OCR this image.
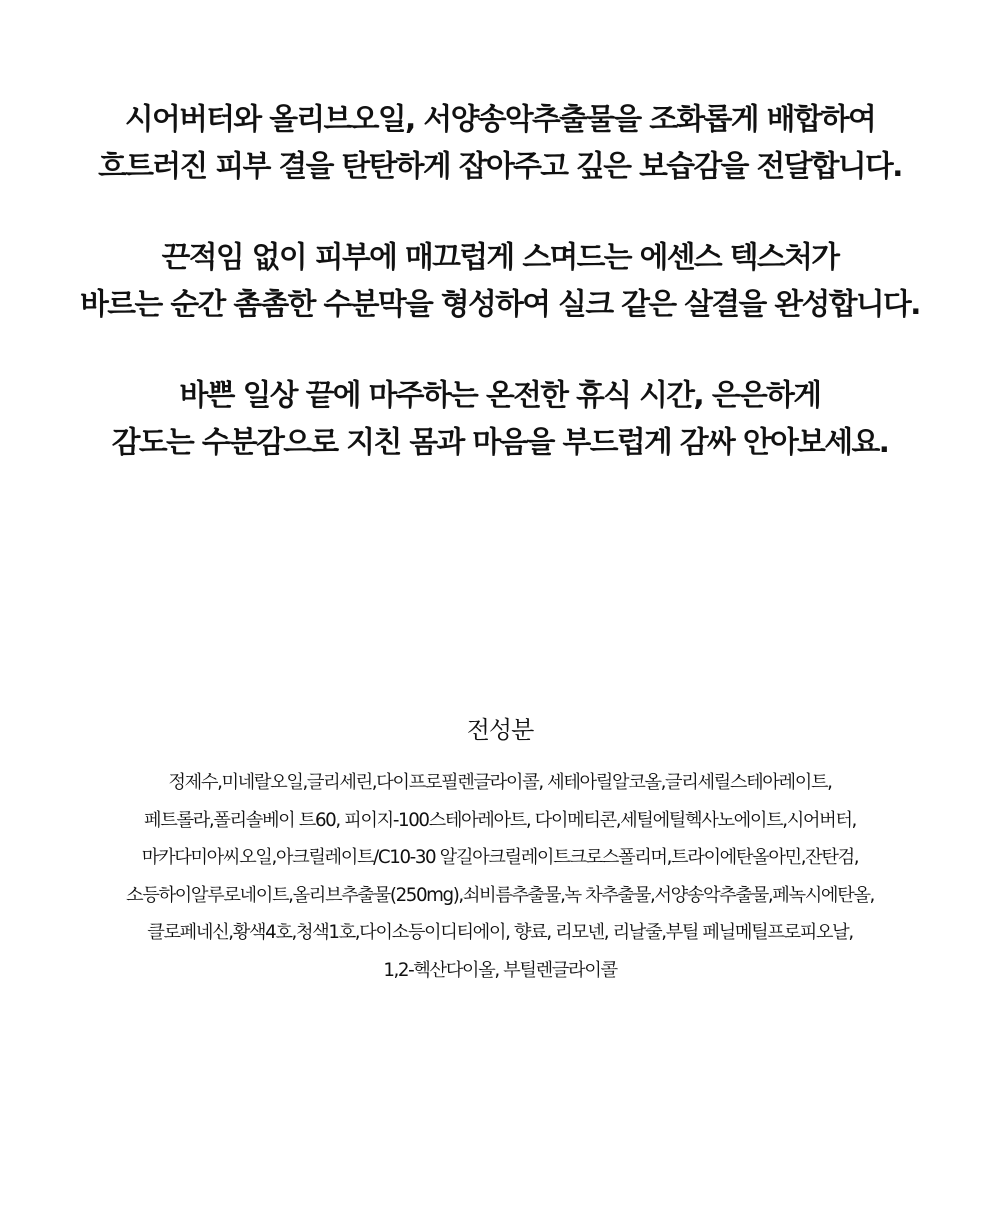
시어버터와 올리브오일, 서양송악추출물을 조화롭게 배합하여
흐트러진 피부 결을 탄탄하게 잡아주고 깊은 보습감을 전달합니다.
끈적임 없이 피부에 매끄럽게 스며드는 에센스 텍스처가
바르는 순간 촘촘한 수분막을 형성하여 실크 같은 살결을 완성합니다.
바쁜 일상 끝에 마주하는 온전한 휴식 시간, 은은하게
감도는 수분감으로 지친 몸과 마음을 부드럽게 감싸 안아보세요.
전성분
정제수,미네랄오일,글리세린,다이프로필렌글라이콜, 세테아릴알코올,글리세릴스테아레이트,
페트롤라,폴리솔베이 트60, 피이지-100스테아레아트, 다이메티콘,세틸에틸헥사노에이트,시어버터,
마카다미아씨오일,아크릴레이트/C10-30 알길아크릴레이트크로스폴리머,트라이에탄올아민,잔탄검,
소등하이알루로네이트,올리브추출물(250mg),쇠비름추출물,녹 차추출물,서양송악추출물,페녹시에탄올,
클로페네신,황색4호,청색1호,다이소등이디티에이, 향료, 리모넨, 리날줄,부틸 페닐메틸프로피오날,
1,2-헥산다이올, 부틸렌글라이콜
